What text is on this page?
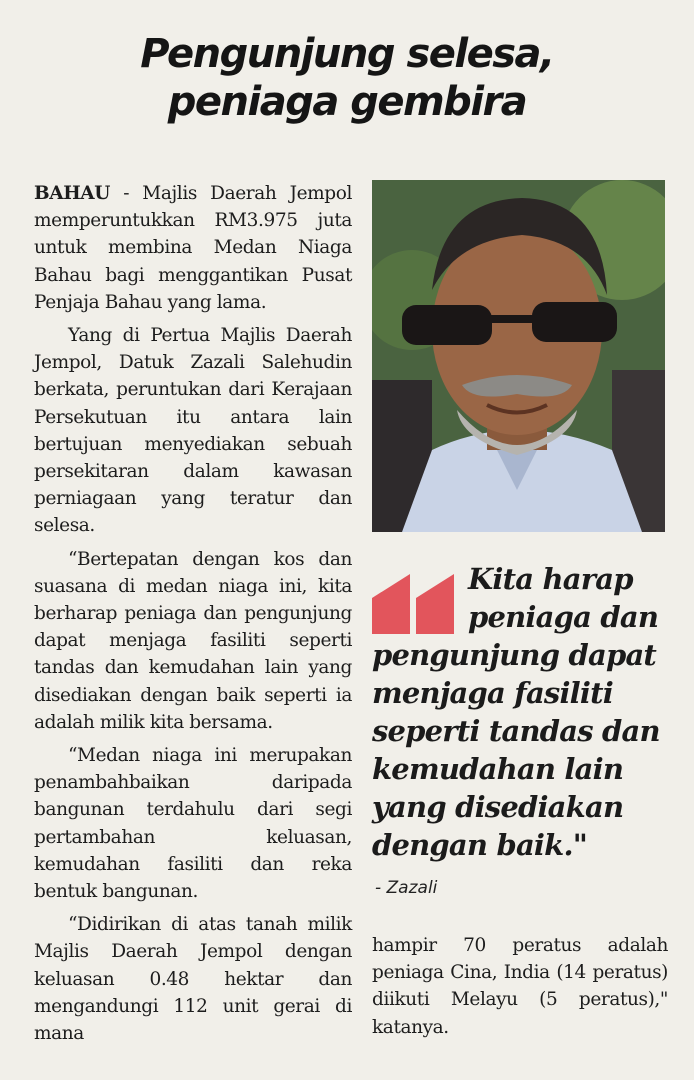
Pengunjung selesa,
peniaga gembira

BAHAU - Majlis Daerah Jempol memperuntukkan RM3.975 juta untuk membina Medan Niaga Bahau bagi menggantikan Pusat Penjaja Bahau yang lama.

Yang di Pertua Majlis Daerah Jempol, Datuk Zazali Salehudin berkata, peruntukan dari Kerajaan Persekutuan itu antara lain bertujuan menyediakan sebuah persekitaran dalam kawasan perniagaan yang teratur dan selesa.

“Bertepatan dengan kos dan suasana di medan niaga ini, kita berharap peniaga dan pengunjung dapat menjaga fasiliti seperti tandas dan kemudahan lain yang disediakan dengan baik seperti ia adalah milik kita bersama.

“Medan niaga ini merupakan penambahbaikan daripada bangunan terdahulu dari segi pertambahan keluasan, kemudahan fasiliti dan reka bentuk bangunan.

“Didirikan di atas tanah milik Majlis Daerah Jempol dengan keluasan 0.48 hektar dan mengandungi 112 unit gerai di mana

Kita harap peniaga dan
pengunjung dapat menjaga fasiliti seperti tandas dan kemudahan lain yang disediakan dengan baik."
- Zazali

hampir 70 peratus adalah peniaga Cina, India (14 peratus) diikuti Melayu (5 peratus)," katanya.
